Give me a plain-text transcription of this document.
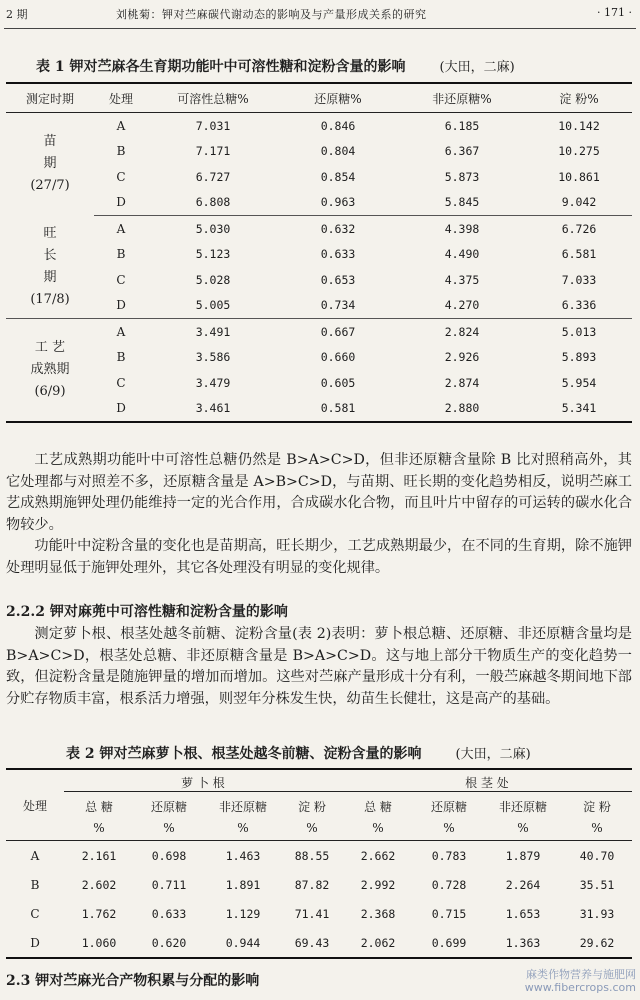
2 期	刘桃菊：钾对苎麻碳代谢动态的影响及与产量形成关系的研究	· 171 ·
表 1 钾对苎麻各生育期功能叶中可溶性糖和淀粉含量的影响	(大田，二麻)
测定时期	处理	可溶性总糖%	还原糖%	非还原糖%	淀 粉%

苗
期
(27/7)	A	7.031	0.846	6.185	10.142
	B	7.171	0.804	6.367	10.275
	C	6.727	0.854	5.873	10.861
	D	6.808	0.963	5.845	9.042

旺
长
期
(17/8)	A	5.030	0.632	4.398	6.726
	B	5.123	0.633	4.490	6.581
	C	5.028	0.653	4.375	7.033
	D	5.005	0.734	4.270	6.336

工 艺
成熟期
(6/9)	A	3.491	0.667	2.824	5.013
	B	3.586	0.660	2.926	5.893
	C	3.479	0.605	2.874	5.954
	D	3.461	0.581	2.880	5.341

工艺成熟期功能叶中可溶性总糖仍然是 B>A>C>D，但非还原糖含量除 B 比对照稍高外，其它处理都与对照差不多，还原糖含量是 A>B>C>D，与苗期、旺长期的变化趋势相反，说明苎麻工艺成熟期施钾处理仍能维持一定的光合作用，合成碳水化合物，而且叶片中留存的可运转的碳水化合物较少。

功能叶中淀粉含量的变化也是苗期高，旺长期少，工艺成熟期最少，在不同的生育期，除不施钾处理明显低于施钾处理外，其它各处理没有明显的变化规律。

2.2.2 钾对麻蔸中可溶性糖和淀粉含量的影响

测定萝卜根、根茎处越冬前糖、淀粉含量(表 2)表明：萝卜根总糖、还原糖、非还原糖含量均是 B>A>C>D，根茎处总糖、非还原糖含量是 B>A>C>D。这与地上部分干物质生产的变化趋势一致，但淀粉含量是随施钾量的增加而增加。这些对苎麻产量形成十分有利，一般苎麻越冬期间地下部分贮存物质丰富，根系活力增强，则翌年分株发生快，幼苗生长健壮，这是高产的基础。

表 2 钾对苎麻萝卜根、根茎处越冬前糖、淀粉含量的影响	(大田，二麻)
处理	萝 卜 根				根 茎 处			
	总 糖	还原糖	非还原糖	淀 粉	总 糖	还原糖	非还原糖	淀 粉
	%	%	%	%	%	%	%	%
A	2.161	0.698	1.463	88.55	2.662	0.783	1.879	40.70
B	2.602	0.711	1.891	87.82	2.992	0.728	2.264	35.51
C	1.762	0.633	1.129	71.41	2.368	0.715	1.653	31.93
D	1.060	0.620	0.944	69.43	2.062	0.699	1.363	29.62
2.3 钾对苎麻光合产物积累与分配的影响	麻类作物营养与施肥网
www.fibercrops.com
